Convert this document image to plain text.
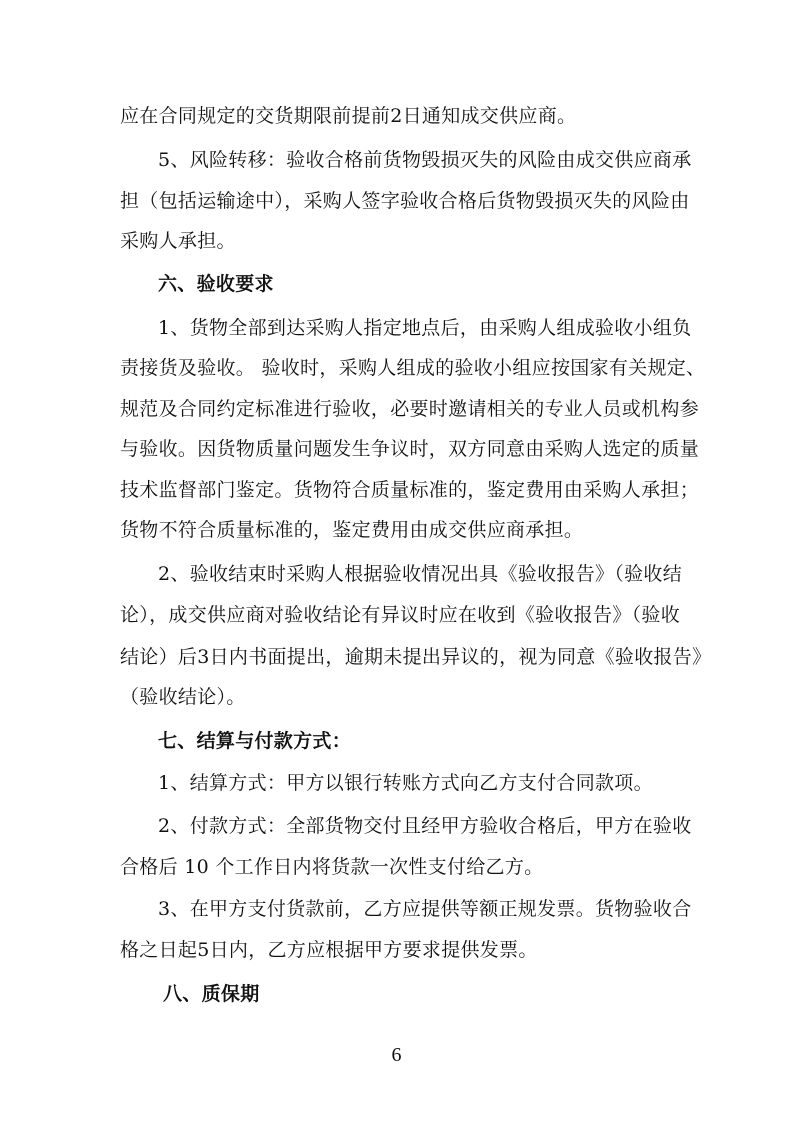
应在合同规定的交货期限前提前2日通知成交供应商。
5、风险转移：验收合格前货物毁损灭失的风险由成交供应商承
担（包括运输途中），采购人签字验收合格后货物毁损灭失的风险由
采购人承担。
六、验收要求
1、货物全部到达采购人指定地点后，由采购人组成验收小组负
责接货及验收。 验收时，采购人组成的验收小组应按国家有关规定、
规范及合同约定标准进行验收，必要时邀请相关的专业人员或机构参
与验收。因货物质量问题发生争议时，双方同意由采购人选定的质量
技术监督部门鉴定。货物符合质量标准的，鉴定费用由采购人承担；
货物不符合质量标准的，鉴定费用由成交供应商承担。
2、验收结束时采购人根据验收情况出具《验收报告》（验收结
论），成交供应商对验收结论有异议时应在收到《验收报告》（验收
结论）后3日内书面提出，逾期未提出异议的，视为同意《验收报告》
（验收结论）。
七、结算与付款方式：
1、结算方式：甲方以银行转账方式向乙方支付合同款项。
2、付款方式：全部货物交付且经甲方验收合格后，甲方在验收
合格后 10 个工作日内将货款一次性支付给乙方。
3、在甲方支付货款前，乙方应提供等额正规发票。货物验收合
格之日起5日内，乙方应根据甲方要求提供发票。
八、质保期
6
